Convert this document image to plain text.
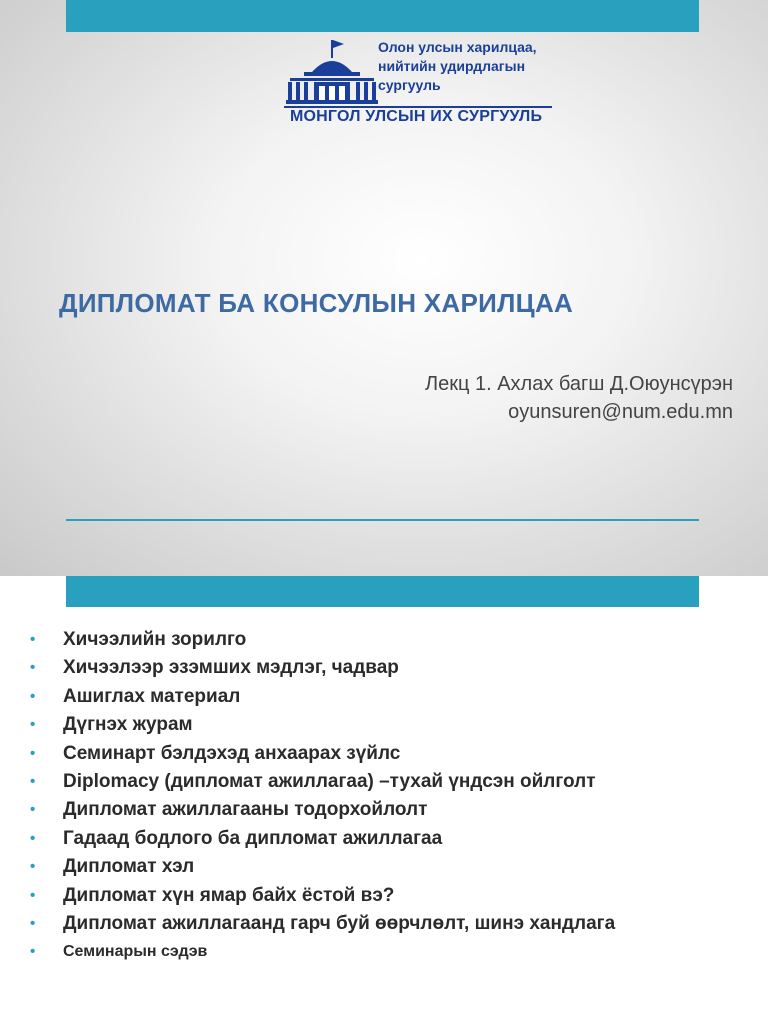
Олон улсын харилцаа,
нийтийн удирдлагын
сургууль
МОНГОЛ УЛСЫН ИХ СУРГУУЛЬ
ДИПЛОМАТ БА КОНСУЛЫН ХАРИЛЦАА
Лекц 1. Ахлах багш Д.Оюунсүрэн
oyunsuren@num.edu.mn
• Хичээлийн зорилго
• Хичээлээр эзэмших мэдлэг, чадвар
• Ашиглах материал
• Дүгнэх журам
• Семинарт бэлдэхэд анхаарах зүйлс
• Diplomacy (дипломат ажиллагаа) –тухай үндсэн ойлголт
• Дипломат ажиллагааны тодорхойлолт
• Гадаад бодлого ба дипломат ажиллагаа
• Дипломат хэл
• Дипломат хүн ямар байх ёстой вэ?
• Дипломат ажиллагаанд гарч буй өөрчлөлт, шинэ хандлага
• Семинарын сэдэв
